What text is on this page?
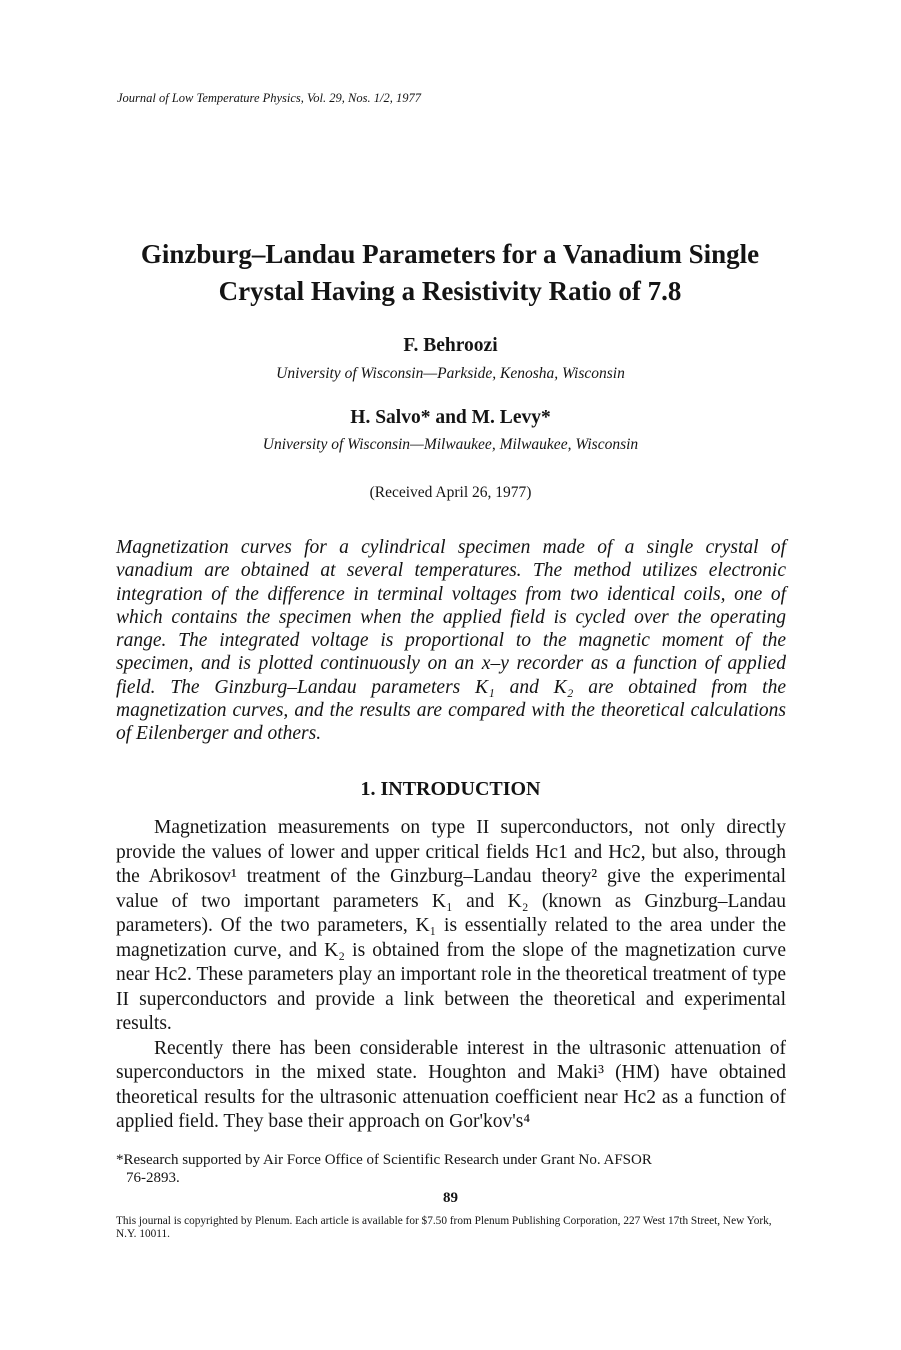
Journal of Low Temperature Physics, Vol. 29, Nos. 1/2, 1977
Ginzburg–Landau Parameters for a Vanadium Single
Crystal Having a Resistivity Ratio of 7.8
F. Behroozi
University of Wisconsin—Parkside, Kenosha, Wisconsin
H. Salvo* and M. Levy*
University of Wisconsin—Milwaukee, Milwaukee, Wisconsin
(Received April 26, 1977)

Magnetization curves for a cylindrical specimen made of a single crystal of vanadium are obtained at several temperatures. The method utilizes electronic integration of the difference in terminal voltages from two identical coils, one of which contains the specimen when the applied field is cycled over the operating range. The integrated voltage is proportional to the magnetic moment of the specimen, and is plotted continuously on an x–y recorder as a function of applied field. The Ginzburg–Landau parameters K₁ and K₂ are obtained from the magnetization curves, and the results are compared with the theoretical calculations of Eilenberger and others.

1. INTRODUCTION

Magnetization measurements on type II superconductors, not only directly provide the values of lower and upper critical fields Hc1 and Hc2, but also, through the Abrikosov¹ treatment of the Ginzburg–Landau theory² give the experimental value of two important parameters K₁ and K₂ (known as Ginzburg–Landau parameters). Of the two parameters, K₁ is essentially related to the area under the magnetization curve, and K₂ is obtained from the slope of the magnetization curve near Hc2. These parameters play an important role in the theoretical treatment of type II superconductors and provide a link between the theoretical and experimental results.

Recently there has been considerable interest in the ultrasonic attenuation of superconductors in the mixed state. Houghton and Maki³ (HM) have obtained theoretical results for the ultrasonic attenuation coefficient near Hc2 as a function of applied field. They base their approach on Gor'kov's⁴

*Research supported by Air Force Office of Scientific Research under Grant No. AFSOR
76-2893.
89
This journal is copyrighted by Plenum. Each article is available for $7.50 from Plenum Publishing Corporation, 227 West 17th Street, New York, N.Y. 10011.
